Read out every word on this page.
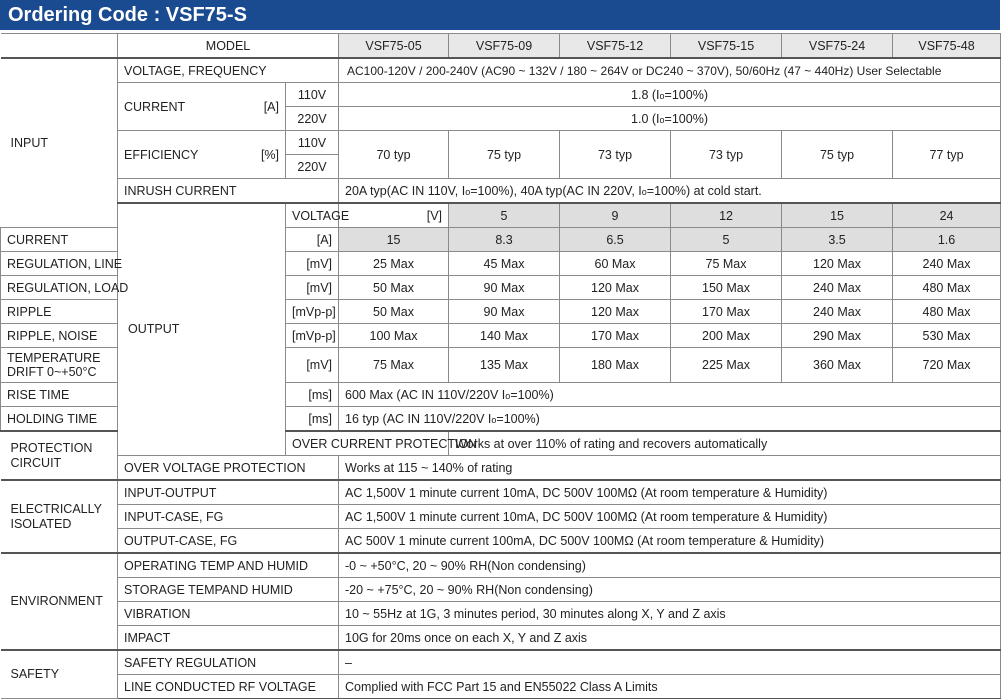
Ordering Code : VSF75-S
	MODEL		VSF75-05	VSF75-09	VSF75-12	VSF75-15	VSF75-24	VSF75-48	
INPUT	VOLTAGE, FREQUENCY		AC100-120V / 200-240V (AC90 ~ 132V / 180 ~ 264V or DC240 ~ 370V), 50/60Hz (47 ~ 440Hz) User Selectable						
	CURRENT [A]	110V	1.8 (Io=100%)						
		220V	1.0 (Io=100%)						
	EFFICIENCY [%]	110V	70 typ	75 typ	73 typ	73 typ	75 typ	77 typ	
		220V							
	INRUSH CURRENT		20A typ(AC IN 110V, Io=100%), 40A typ(AC IN 220V, Io=100%) at cold start.						
	OUTPUT	VOLTAGE	[V]	5	9	12	15	24	
CURRENT		[A]	15	8.3	6.5	5	3.5	1.6	
REGULATION, LINE		[mV]	25 Max	45 Max	60 Max	75 Max	120 Max	240 Max	
REGULATION, LOAD		[mV]	50 Max	90 Max	120 Max	150 Max	240 Max	480 Max	
RIPPLE		[mVp-p]	50 Max	90 Max	120 Max	170 Max	240 Max	480 Max	
RIPPLE, NOISE		[mVp-p]	100 Max	140 Max	170 Max	200 Max	290 Max	530 Max	

TEMPERATURE
DRIFT 0~+50°C		[mV]	75 Max	135 Max	180 Max	225 Max	360 Max	720 Max	
RISE TIME		[ms]	600 Max (AC IN 110V/220V Io=100%)						
HOLDING TIME		[ms]	16 typ (AC IN 110V/220V Io=100%)						
PROTECTION CIRCUIT		OVER CURRENT PROTECTION		Works at over 110% of rating and recovers automatically					
	OVER VOLTAGE PROTECTION		Works at 115 ~ 140% of rating						
ELECTRICALLY ISOLATED	INPUT-OUTPUT		AC 1,500V 1 minute current 10mA, DC 500V 100MΩ (At room temperature & Humidity)						
	INPUT-CASE, FG		AC 1,500V 1 minute current 10mA, DC 500V 100MΩ (At room temperature & Humidity)						
	OUTPUT-CASE, FG		AC 500V 1 minute current 100mA, DC 500V 100MΩ (At room temperature & Humidity)						
ENVIRONMENT	OPERATING TEMP AND HUMID		-0 ~ +50°C, 20 ~ 90% RH(Non condensing)						
	STORAGE TEMPAND HUMID		-20 ~ +75°C, 20 ~ 90% RH(Non condensing)						
	VIBRATION		10 ~ 55Hz at 1G, 3 minutes period, 30 minutes along X, Y and Z axis						
	IMPACT		10G for 20ms once on each X, Y and Z axis						
SAFETY	SAFETY REGULATION		–						
	LINE CONDUCTED RF VOLTAGE		Complied with FCC Part 15 and EN55022 Class A Limits						
